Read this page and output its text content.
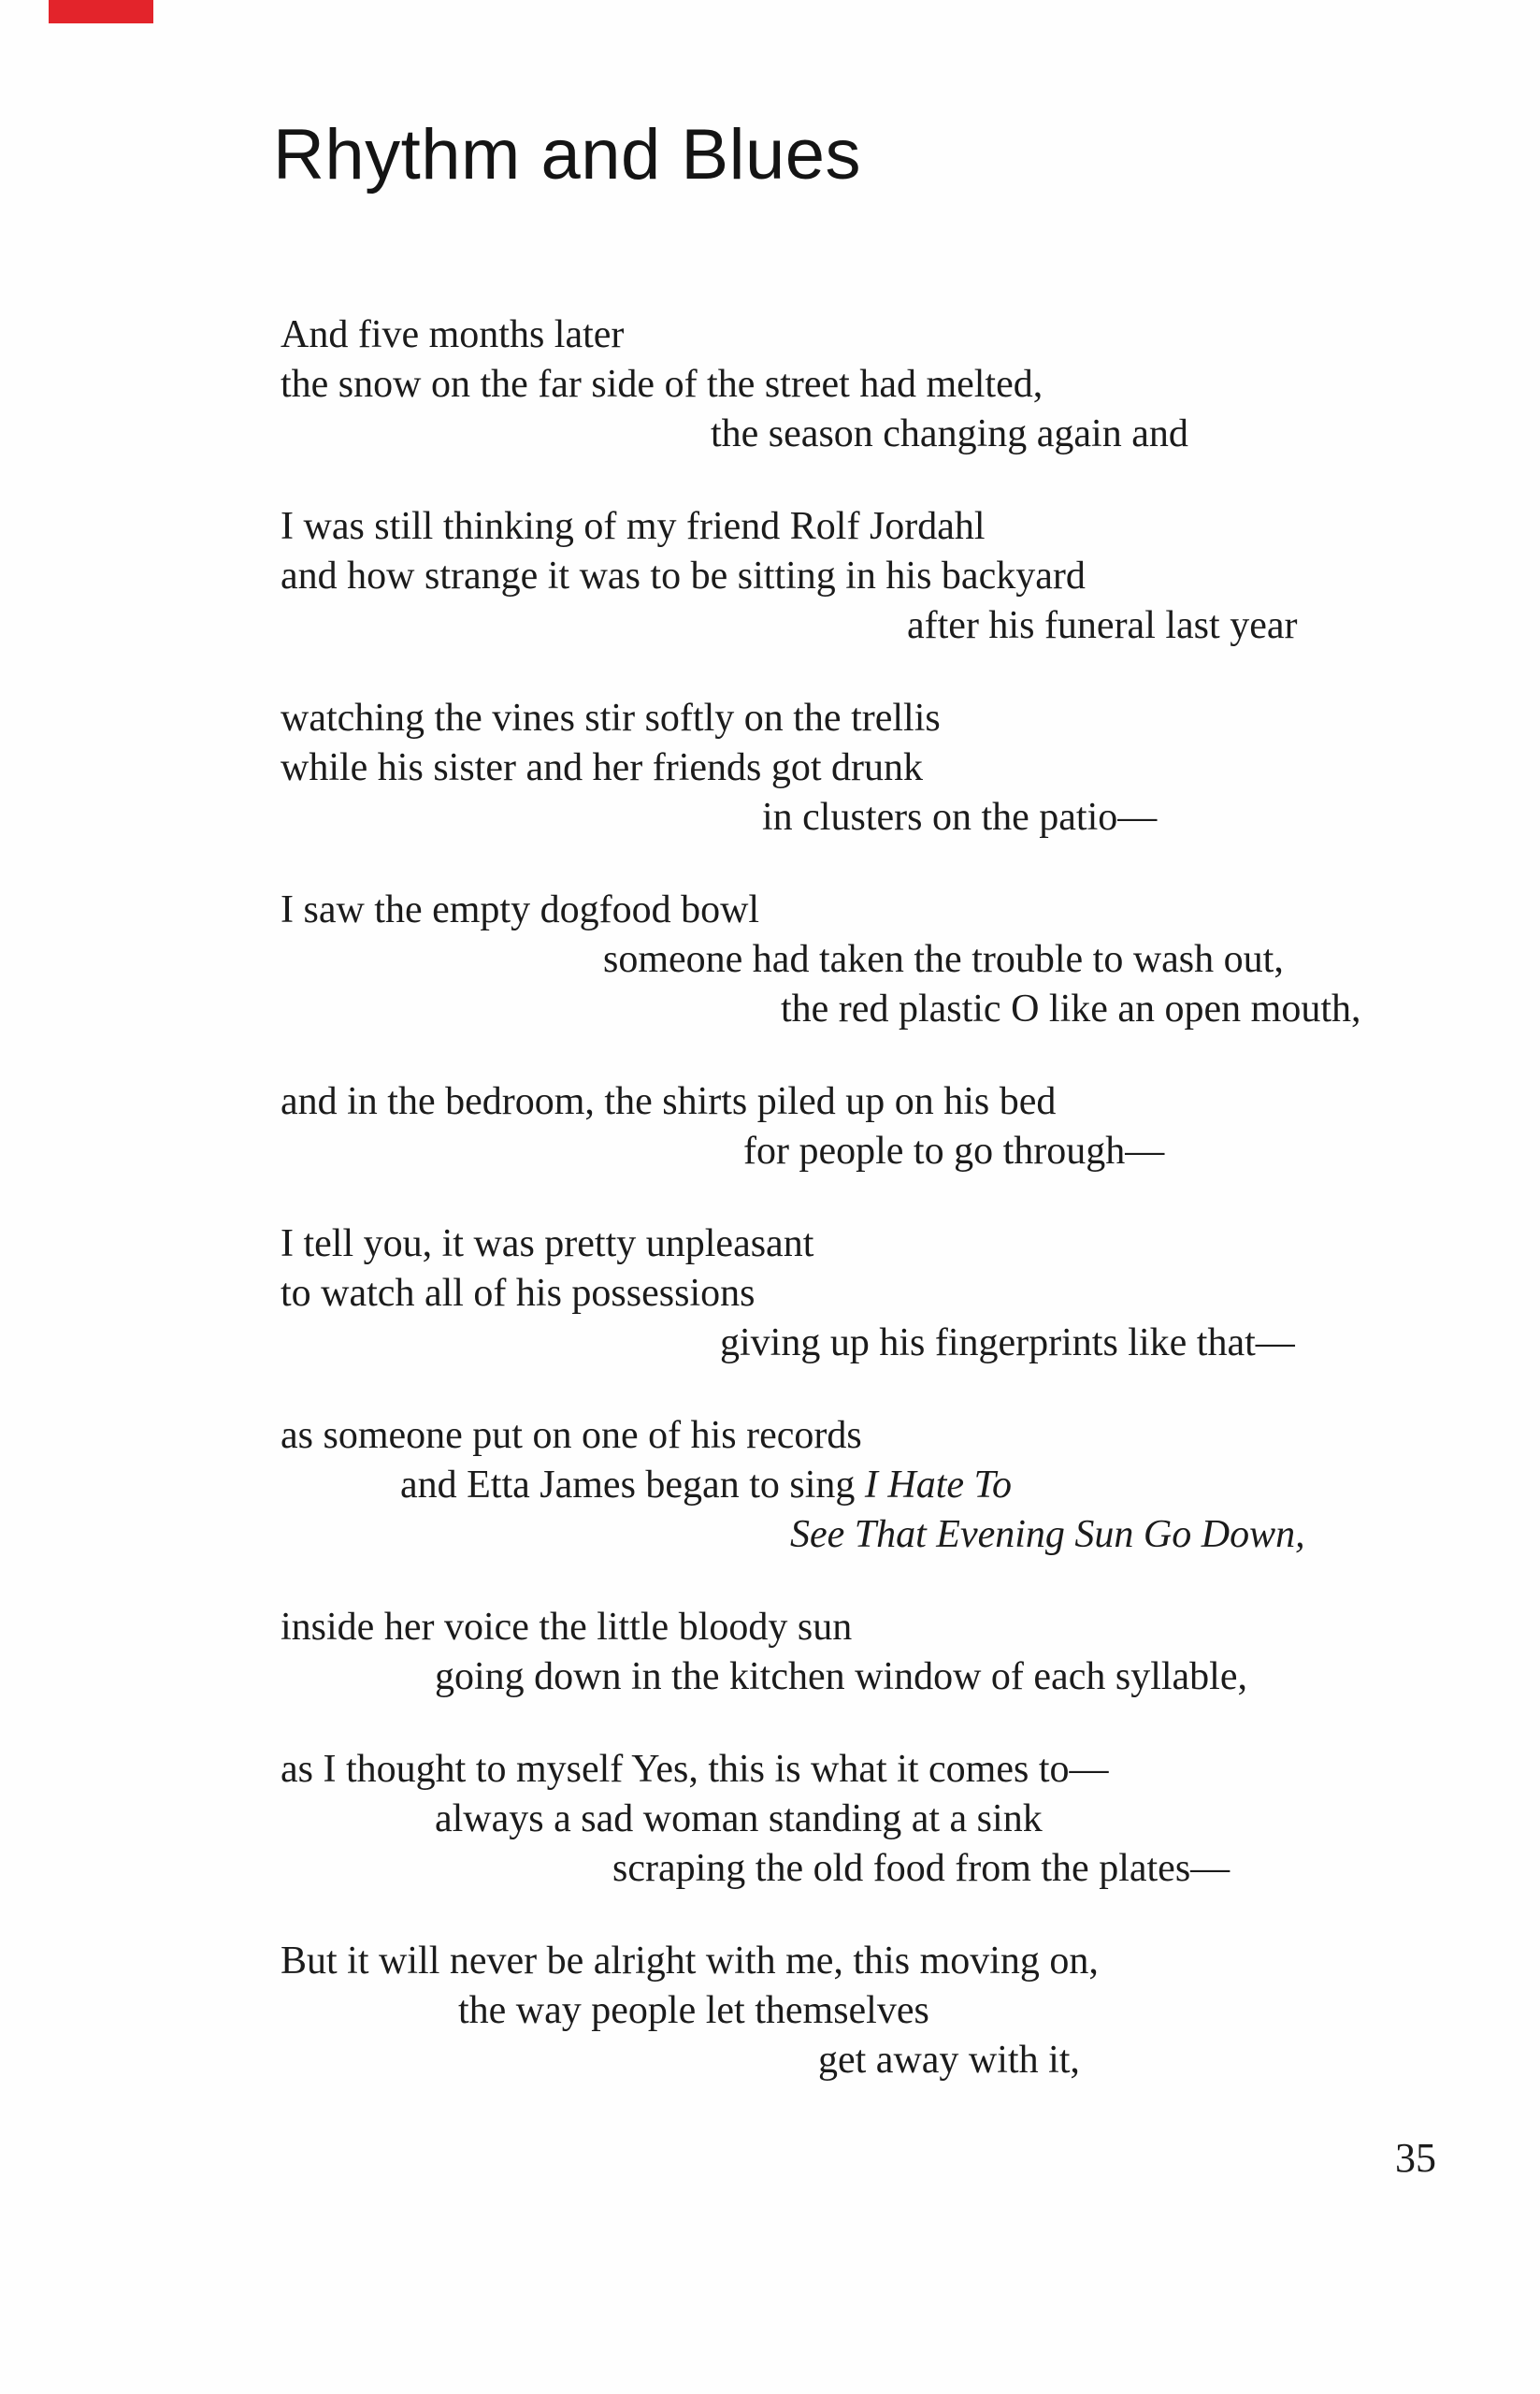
Rhythm and Blues
And five months later
the snow on the far side of the street had melted,
the season changing again and
I was still thinking of my friend Rolf Jordahl
and how strange it was to be sitting in his backyard
after his funeral last year
watching the vines stir softly on the trellis
while his sister and her friends got drunk
in clusters on the patio—
I saw the empty dogfood bowl
someone had taken the trouble to wash out,
the red plastic O like an open mouth,
and in the bedroom, the shirts piled up on his bed
for people to go through—
I tell you, it was pretty unpleasant
to watch all of his possessions
giving up his fingerprints like that—
as someone put on one of his records
and Etta James began to sing I Hate To
See That Evening Sun Go Down,
inside her voice the little bloody sun
going down in the kitchen window of each syllable,
as I thought to myself Yes, this is what it comes to—
always a sad woman standing at a sink
scraping the old food from the plates—
But it will never be alright with me, this moving on,
the way people let themselves
get away with it,
35
